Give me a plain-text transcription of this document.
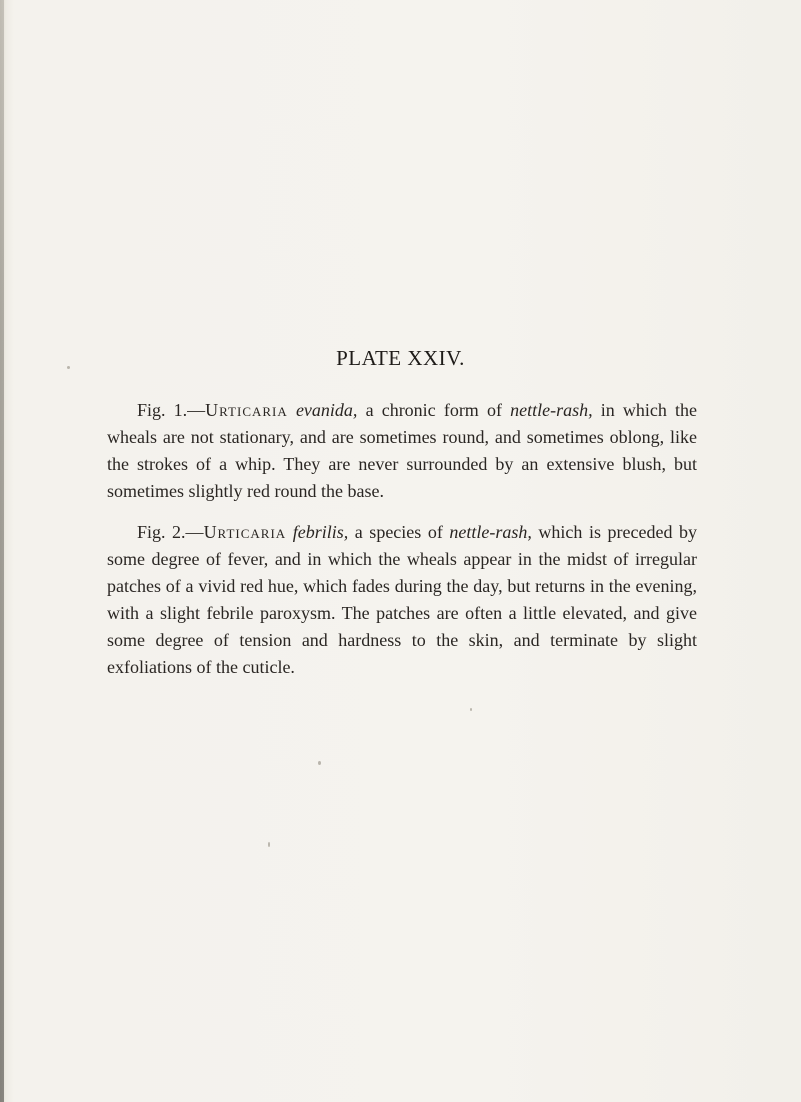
PLATE XXIV.

Fig. 1.—Urticaria evanida, a chronic form of nettle-rash, in which the wheals are not stationary, and are sometimes round, and sometimes oblong, like the strokes of a whip. They are never surrounded by an extensive blush, but sometimes slightly red round the base.

Fig. 2.—Urticaria febrilis, a species of nettle-rash, which is preceded by some degree of fever, and in which the wheals appear in the midst of irregular patches of a vivid red hue, which fades during the day, but returns in the evening, with a slight febrile paroxysm. The patches are often a little elevated, and give some degree of tension and hardness to the skin, and terminate by slight exfoliations of the cuticle.
